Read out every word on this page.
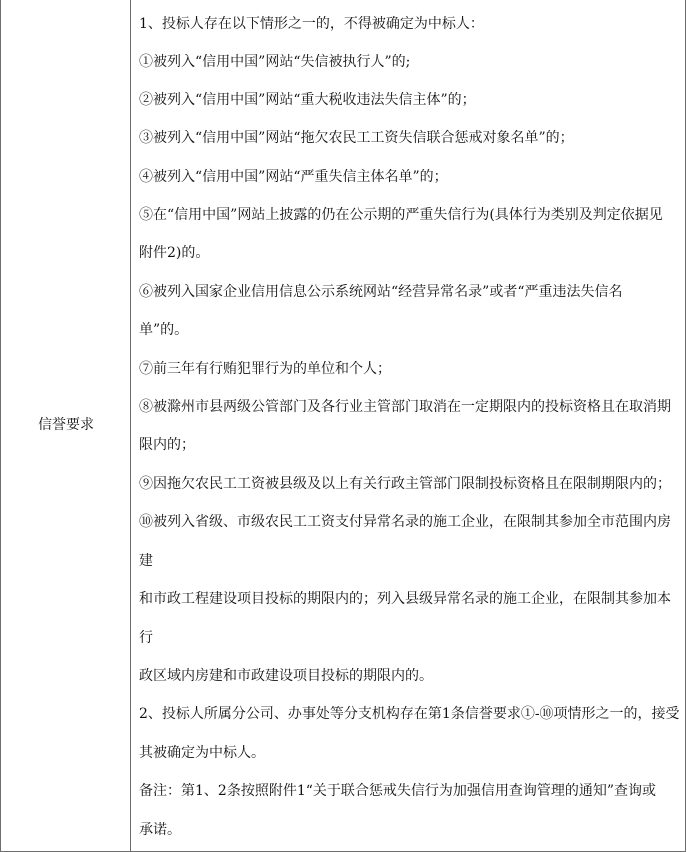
信誉要求
1、投标人存在以下情形之一的，不得被确定为中标人：
①被列入“信用中国”网站“失信被执行人”的;
②被列入“信用中国”网站“重大税收违法失信主体”的；
③被列入“信用中国”网站“拖欠农民工工资失信联合惩戒对象名单”的；
④被列入“信用中国”网站“严重失信主体名单”的；
⑤在“信用中国”网站上披露的仍在公示期的严重失信行为(具体行为类别及判定依据见
附件2)的。
⑥被列入国家企业信用信息公示系统网站“经营异常名录”或者“严重违法失信名
单”的。
⑦前三年有行贿犯罪行为的单位和个人；
⑧被滁州市县两级公管部门及各行业主管部门取消在一定期限内的投标资格且在取消期
限内的；
⑨因拖欠农民工工资被县级及以上有关行政主管部门限制投标资格且在限制期限内的；
⑩被列入省级、市级农民工工资支付异常名录的施工企业，在限制其参加全市范围内房
建
和市政工程建设项目投标的期限内的；列入县级异常名录的施工企业，在限制其参加本
行
政区域内房建和市政建设项目投标的期限内的。
2、投标人所属分公司、办事处等分支机构存在第1条信誉要求①-⑩项情形之一的，接受
其被确定为中标人。
备注：第1、2条按照附件1“关于联合惩戒失信行为加强信用查询管理的通知”查询或
承诺。
